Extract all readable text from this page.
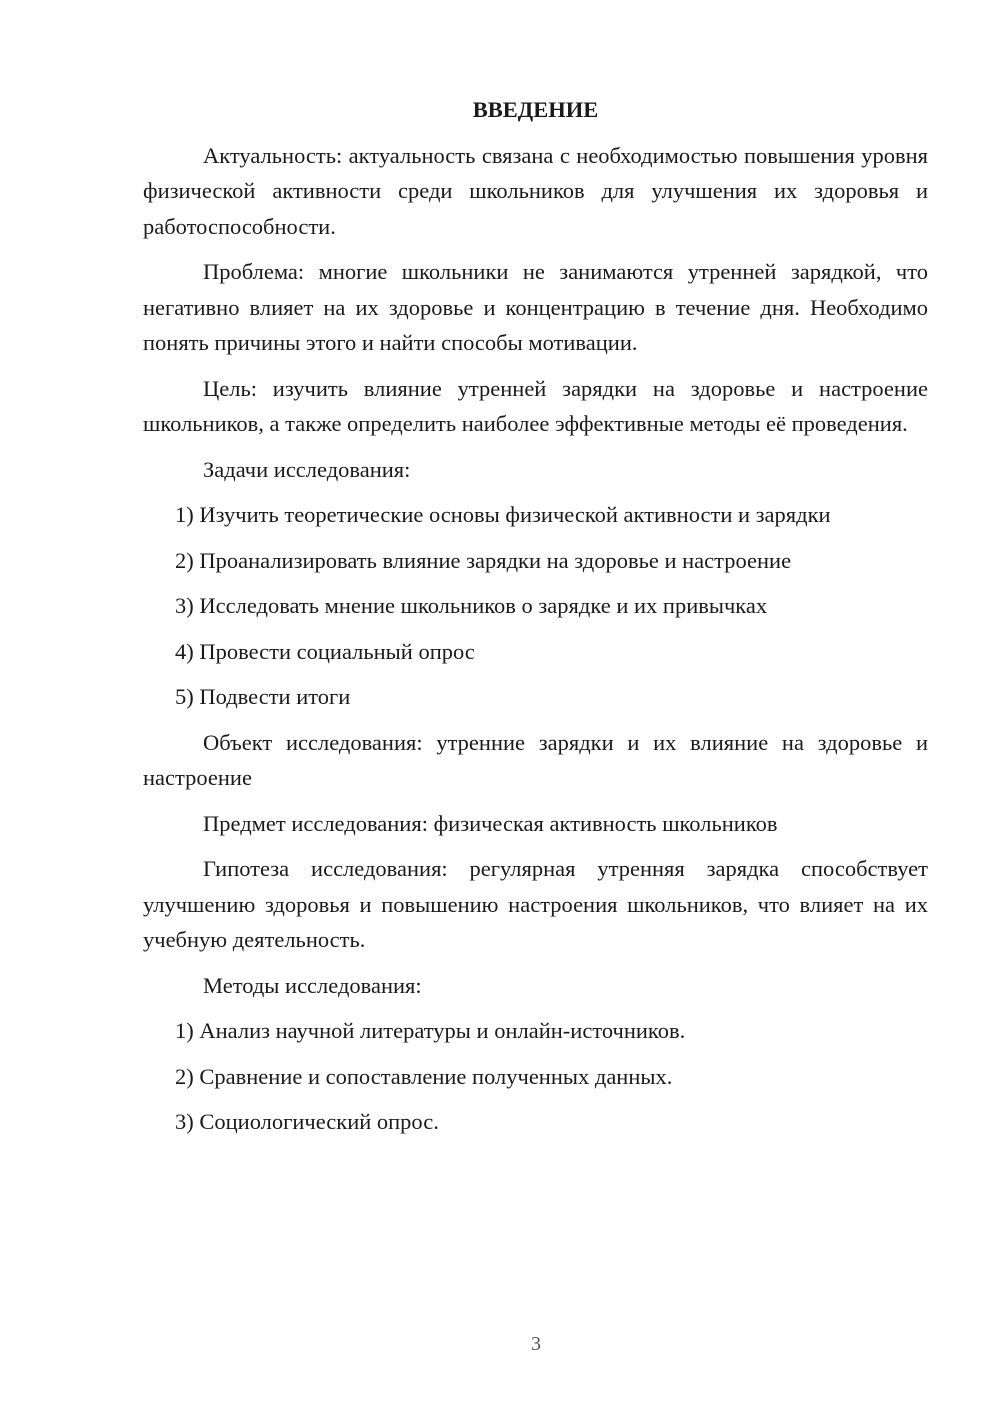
ВВЕДЕНИЕ

Актуальность: актуальность связана с необходимостью повышения уровня физической активности среди школьников для улучшения их здоровья и работоспособности.

Проблема: многие школьники не занимаются утренней зарядкой, что негативно влияет на их здоровье и концентрацию в течение дня. Необходимо понять причины этого и найти способы мотивации.

Цель: изучить влияние утренней зарядки на здоровье и настроение школьников, а также определить наиболее эффективные методы её проведения.

Задачи исследования:

1) Изучить теоретические основы физической активности и зарядки

2) Проанализировать влияние зарядки на здоровье и настроение

3) Исследовать мнение школьников о зарядке и их привычках

4) Провести социальный опрос

5) Подвести итоги

Объект исследования: утренние зарядки и их влияние на здоровье и настроение

Предмет исследования: физическая активность школьников

Гипотеза исследования: регулярная утренняя зарядка способствует улучшению здоровья и повышению настроения школьников, что влияет на их учебную деятельность.

Методы исследования:

1) Анализ научной литературы и онлайн-источников.

2) Сравнение и сопоставление полученных данных.

3) Социологический опрос.

3
